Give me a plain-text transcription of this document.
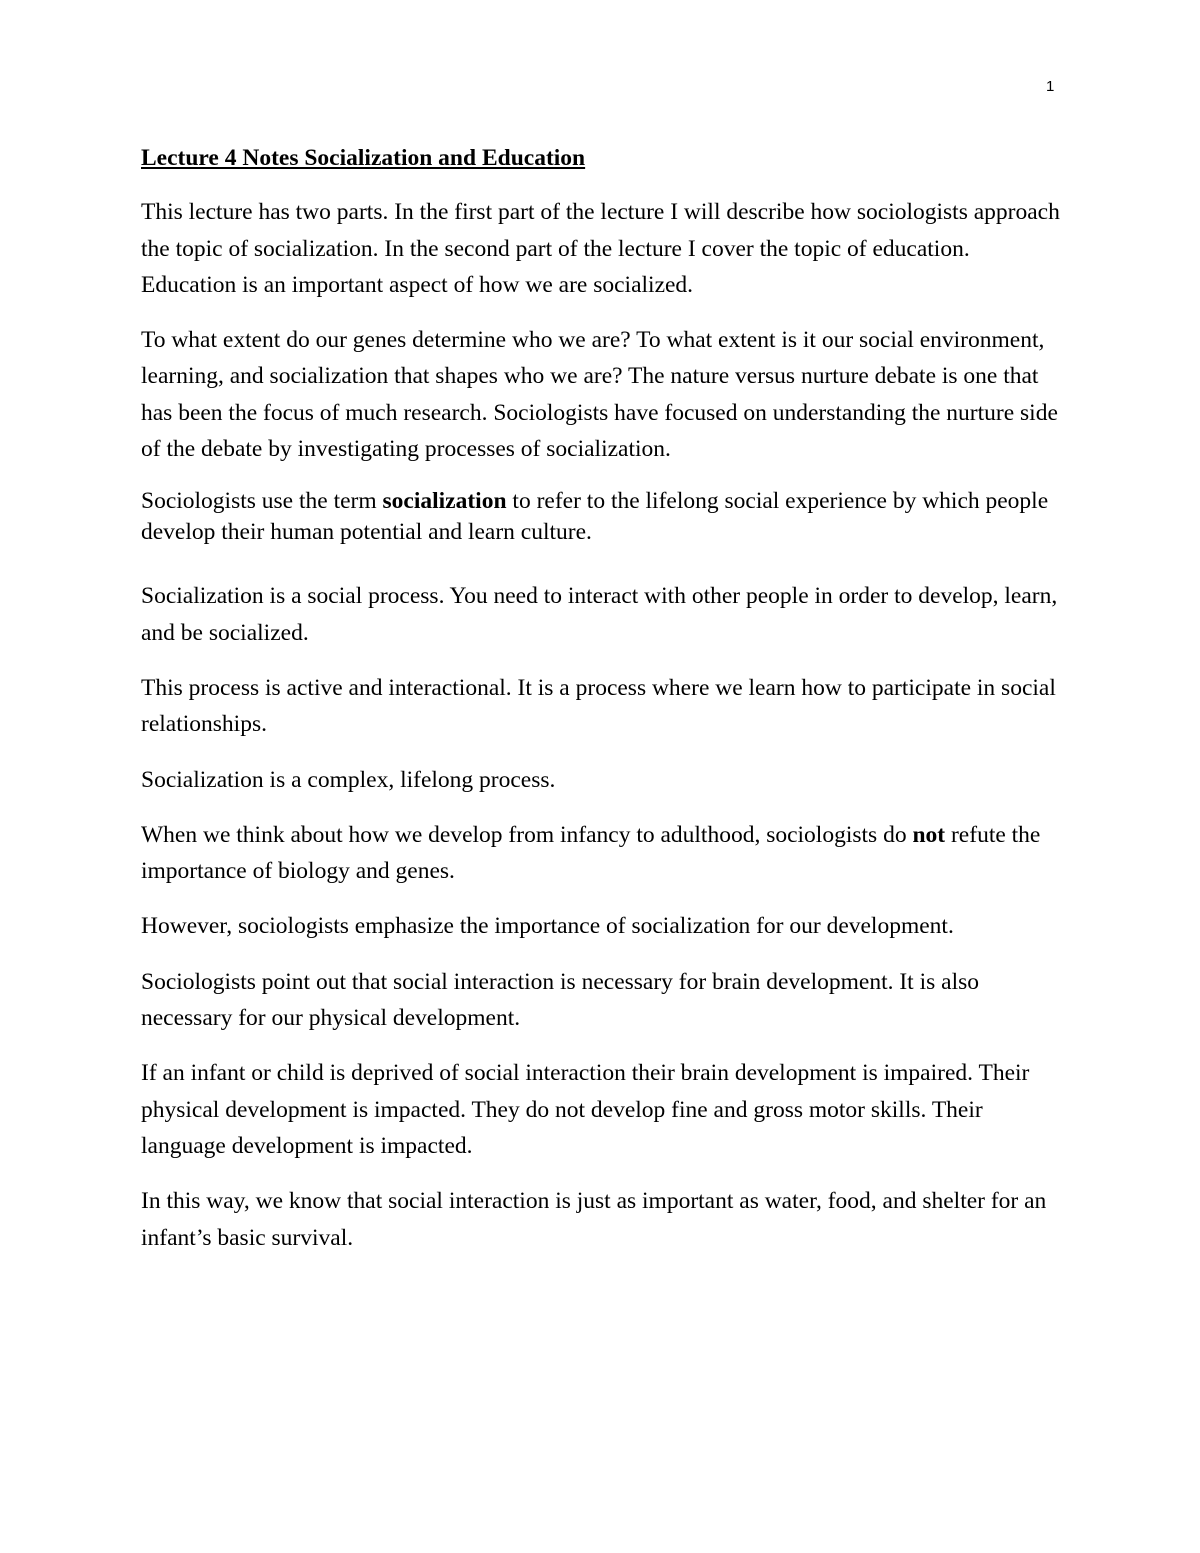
1
Lecture 4 Notes Socialization and Education

This lecture has two parts. In the first part of the lecture I will describe how sociologists approach the topic of socialization. In the second part of the lecture I cover the topic of education. Education is an important aspect of how we are socialized.

To what extent do our genes determine who we are? To what extent is it our social environment, learning, and socialization that shapes who we are? The nature versus nurture debate is one that has been the focus of much research. Sociologists have focused on understanding the nurture side of the debate by investigating processes of socialization.

Sociologists use the term socialization to refer to the lifelong social experience by which people develop their human potential and learn culture.

Socialization is a social process. You need to interact with other people in order to develop, learn, and be socialized.

This process is active and interactional. It is a process where we learn how to participate in social relationships.

Socialization is a complex, lifelong process.

When we think about how we develop from infancy to adulthood, sociologists do not refute the importance of biology and genes.

However, sociologists emphasize the importance of socialization for our development.

Sociologists point out that social interaction is necessary for brain development. It is also necessary for our physical development.

If an infant or child is deprived of social interaction their brain development is impaired. Their physical development is impacted. They do not develop fine and gross motor skills. Their language development is impacted.

In this way, we know that social interaction is just as important as water, food, and shelter for an infant’s basic survival.
